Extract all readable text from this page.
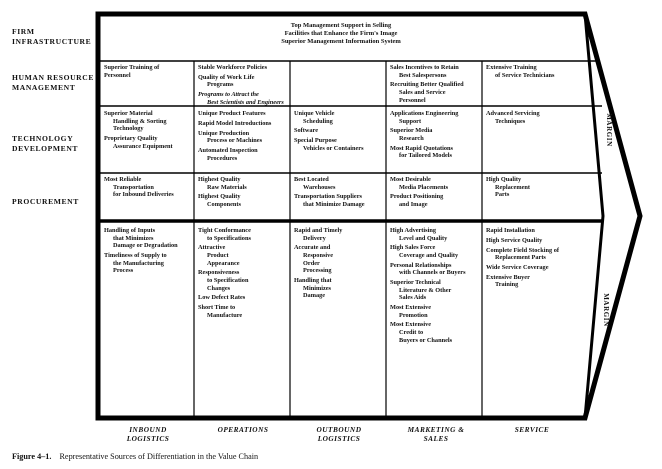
FIRM
INFRASTRUCTURE
HUMAN RESOURCE
MANAGEMENT
TECHNOLOGY
DEVELOPMENT
PROCUREMENT
Top Management Support in Selling
Facilities that Enhance the Firm's Image
Superior Management Information System
Superior Training of
Personnel
Stable Workforce Policies
Quality of Work Life
Programs
Programs to Attract the
Best Scientists and Engineers
Sales Incentives to Retain
Best Salespersons
Recruiting Better Qualified
Sales and Service
Personnel
Extensive Training
of Service Technicians
Superior Material
Handling & Sorting
Technology
Proprietary Quality
Assurance Equipment
Unique Product Features
Rapid Model Introductions
Unique Production
Process or Machines
Automated Inspection
Procedures
Unique Vehicle
Scheduling
Software
Special Purpose
Vehicles or Containers
Applications Engineering
Support
Superior Media
Research
Most Rapid Quotations
for Tailored Models
Advanced Servicing
Techniques
Most Reliable
Transportation
for Inbound Deliveries
Highest Quality
Raw Materials
Highest Quality
Components
Best Located
Warehouses
Transportation Suppliers
that Minimize Damage
Most Desirable
Media Placements
Product Positioning
and Image
High Quality
Replacement
Parts
Handling of Inputs
that Minimizes
Damage or Degradation
Timeliness of Supply to
the Manufacturing
Process
Tight Conformance
to Specifications
Attractive
Product
Appearance
Responsiveness
to Specification
Changes
Low Defect Rates
Short Time to
Manufacture
Rapid and Timely
Delivery
Accurate and
Responsive
Order
Processing
Handling that
Minimizes
Damage
High Advertising
Level and Quality
High Sales Force
Coverage and Quality
Personal Relationships
with Channels or Buyers
Superior Technical
Literature & Other
Sales Aids
Most Extensive
Promotion
Most Extensive
Credit to
Buyers or Channels
Rapid Installation
High Service Quality
Complete Field Stocking of
Replacement Parts
Wide Service Coverage
Extensive Buyer
Training
MARGIN
MARGIN
INBOUND
LOGISTICS
OPERATIONS	OUTBOUND
LOGISTICS
MARKETING &
SALES
SERVICE
Figure 4–1. Representative Sources of Differentiation in the Value Chain
